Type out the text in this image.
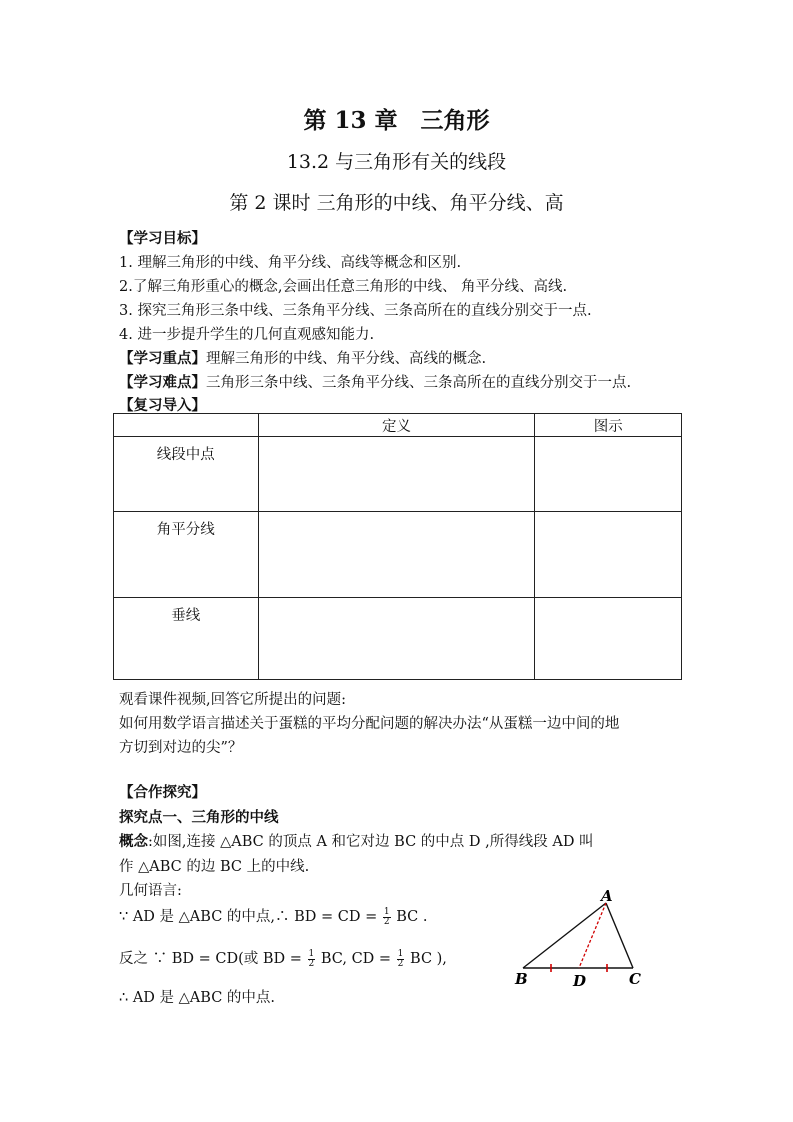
第 13 章　三角形
13.2 与三角形有关的线段
第 2 课时 三角形的中线、角平分线、高
【学习目标】
1. 理解三角形的中线、角平分线、高线等概念和区别.
2.了解三角形重心的概念,会画出任意三角形的中线、 角平分线、高线.
3. 探究三角形三条中线、三条角平分线、三条高所在的直线分别交于一点.
4. 进一步提升学生的几何直观感知能力.
【学习重点】理解三角形的中线、角平分线、高线的概念.
【学习难点】三角形三条中线、三条角平分线、三条高所在的直线分别交于一点.
【复习导入】
	定义	图示
线段中点		
角平分线		
垂线		
观看课件视频,回答它所提出的问题:
如何用数学语言描述关于蛋糕的平均分配问题的解决办法“从蛋糕一边中间的地
方切到对边的尖”？
【合作探究】
探究点一、三角形的中线
概念:如图,连接 △ABC 的顶点 A 和它对边 BC 的中点 D ,所得线段 AD 叫
作 △ABC 的边 BC 上的中线.
几何语言:
∵ AD 是 △ABC 的中点,∴ BD = CD = $\frac{1}{2}$ BC .
反之 ∵ BD = CD(或 BD = $\frac{1}{2}$ BC, CD = $\frac{1}{2}$ BC ),
∴ AD 是 △ABC 的中点.
A
B	C
D
